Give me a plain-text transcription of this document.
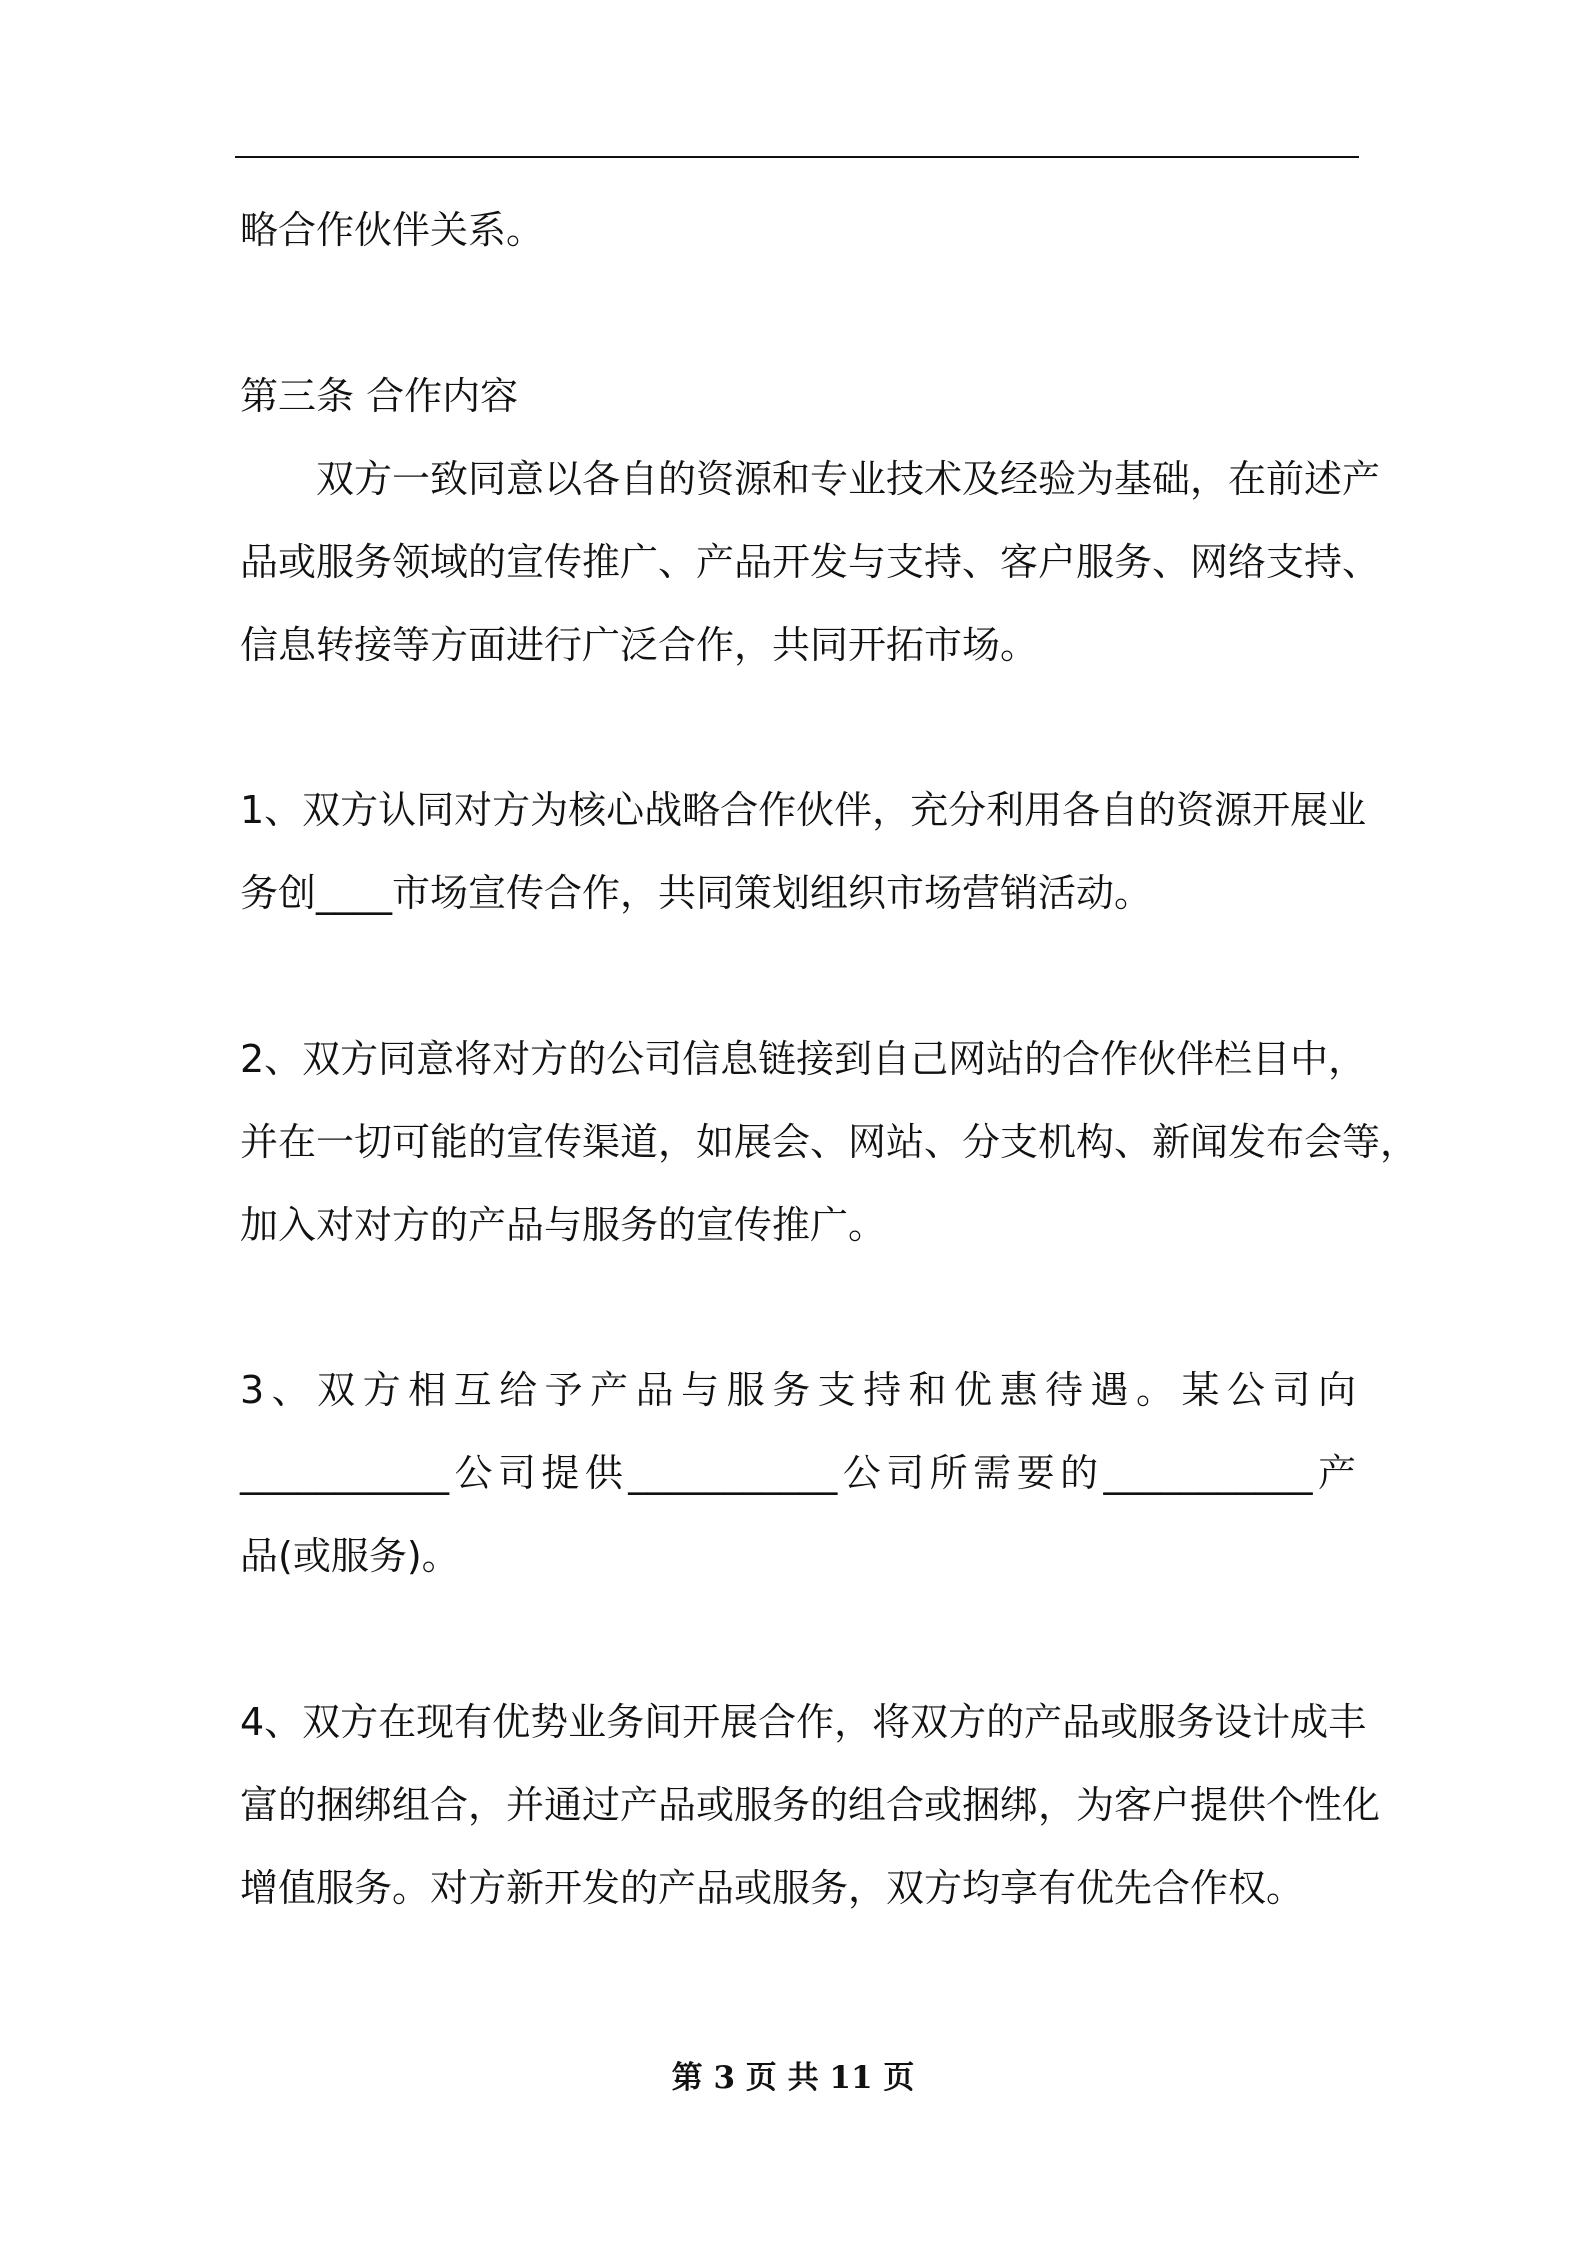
略合作伙伴关系。

第三条 合作内容

双方一致同意以各自的资源和专业技术及经验为基础，在前述产

品或服务领域的宣传推广、产品开发与支持、客户服务、网络支持、

信息转接等方面进行广泛合作，共同开拓市场。

1、双方认同对方为核心战略合作伙伴，充分利用各自的资源开展业

务创____市场宣传合作，共同策划组织市场营销活动。

2、双方同意将对方的公司信息链接到自己网站的合作伙伴栏目中，

并在一切可能的宣传渠道，如展会、网站、分支机构、新闻发布会等，

加入对对方的产品与服务的宣传推广。

3、双方相互给予产品与服务支持和优惠待遇。某公司向

___________公司提供___________公司所需要的___________产

品(或服务)。

4、双方在现有优势业务间开展合作，将双方的产品或服务设计成丰

富的捆绑组合，并通过产品或服务的组合或捆绑，为客户提供个性化

增值服务。对方新开发的产品或服务，双方均享有优先合作权。

第 3 页 共 11 页
